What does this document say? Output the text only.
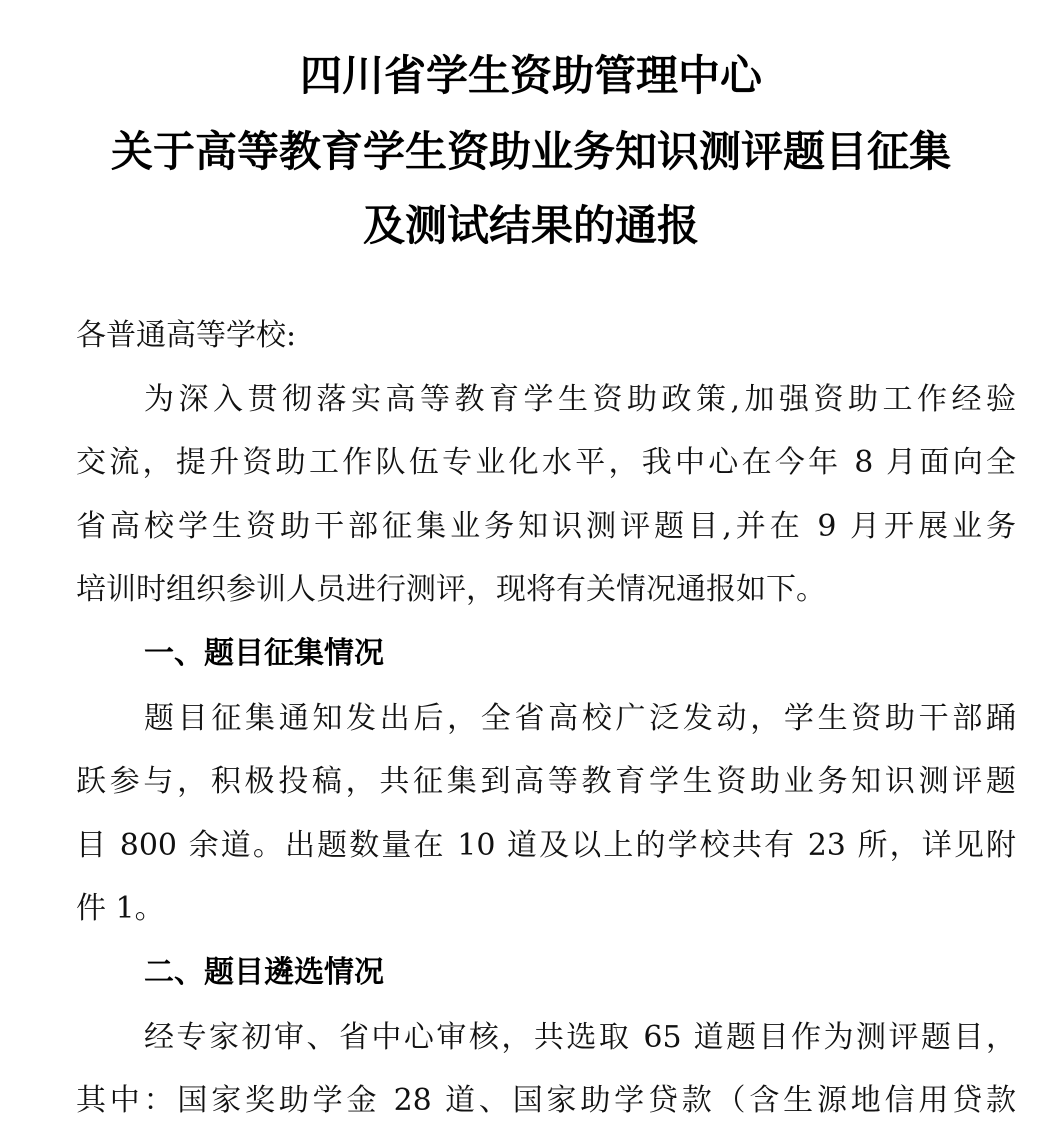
四川省学生资助管理中心
关于高等教育学生资助业务知识测评题目征集
及测试结果的通报
各普通高等学校:
为深入贯彻落实高等教育学生资助政策,加强资助工作经验
交流，提升资助工作队伍专业化水平，我中心在今年 8 月面向全
省高校学生资助干部征集业务知识测评题目,并在 9 月开展业务
培训时组织参训人员进行测评，现将有关情况通报如下。
一、题目征集情况
题目征集通知发出后，全省高校广泛发动，学生资助干部踊
跃参与，积极投稿，共征集到高等教育学生资助业务知识测评题
目 800 余道。出题数量在 10 道及以上的学校共有 23 所，详见附
件 1。
二、题目遴选情况
经专家初审、省中心审核，共选取 65 道题目作为测评题目，
其中：国家奖助学金 28 道、国家助学贷款（含生源地信用贷款
